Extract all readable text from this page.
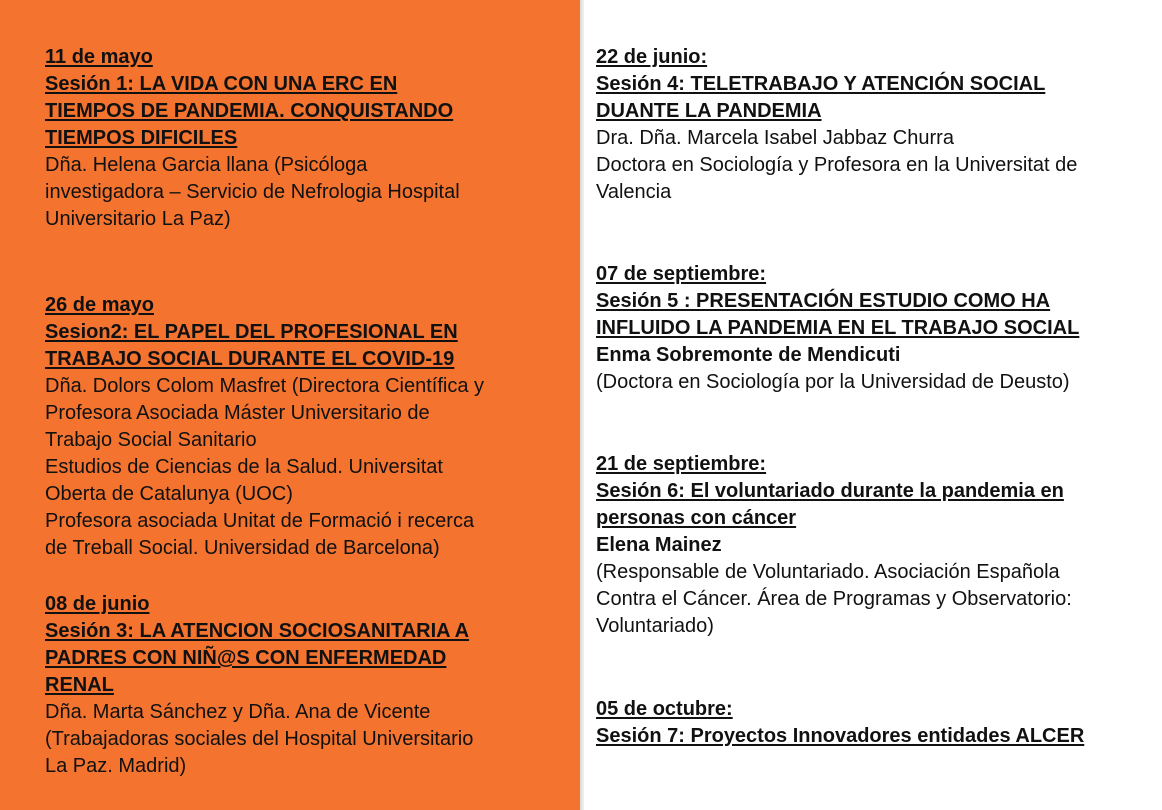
11 de mayo
Sesión 1: LA VIDA CON UNA ERC EN
TIEMPOS DE PANDEMIA. CONQUISTANDO
TIEMPOS DIFICILES
Dña. Helena Garcia llana (Psicóloga
investigadora – Servicio de Nefrologia Hospital
Universitario La Paz)
26 de mayo
Sesion2: EL PAPEL DEL PROFESIONAL EN
TRABAJO SOCIAL DURANTE EL COVID-19
Dña. Dolors Colom Masfret (Directora Científica y
Profesora Asociada Máster Universitario de
Trabajo Social Sanitario
Estudios de Ciencias de la Salud. Universitat
Oberta de Catalunya (UOC)
Profesora asociada Unitat de Formació i recerca
de Treball Social. Universidad de Barcelona)
08 de junio
Sesión 3: LA ATENCION SOCIOSANITARIA A
PADRES CON NIÑ@S CON ENFERMEDAD
RENAL
Dña. Marta Sánchez y Dña. Ana de Vicente
(Trabajadoras sociales del Hospital Universitario
La Paz. Madrid)
22 de junio:
Sesión 4: TELETRABAJO Y ATENCIÓN SOCIAL
DUANTE LA PANDEMIA
Dra. Dña. Marcela Isabel Jabbaz Churra
Doctora en Sociología y Profesora en la Universitat de
Valencia
07 de septiembre:
Sesión 5 : PRESENTACIÓN ESTUDIO COMO HA
INFLUIDO LA PANDEMIA EN EL TRABAJO SOCIAL
Enma Sobremonte de Mendicuti
(Doctora en Sociología por la Universidad de Deusto)
21 de septiembre:
Sesión 6: El voluntariado durante la pandemia en
personas con cáncer
Elena Mainez
(Responsable de Voluntariado. Asociación Española
Contra el Cáncer. Área de Programas y Observatorio:
Voluntariado)
05 de octubre:
Sesión 7: Proyectos Innovadores entidades ALCER
